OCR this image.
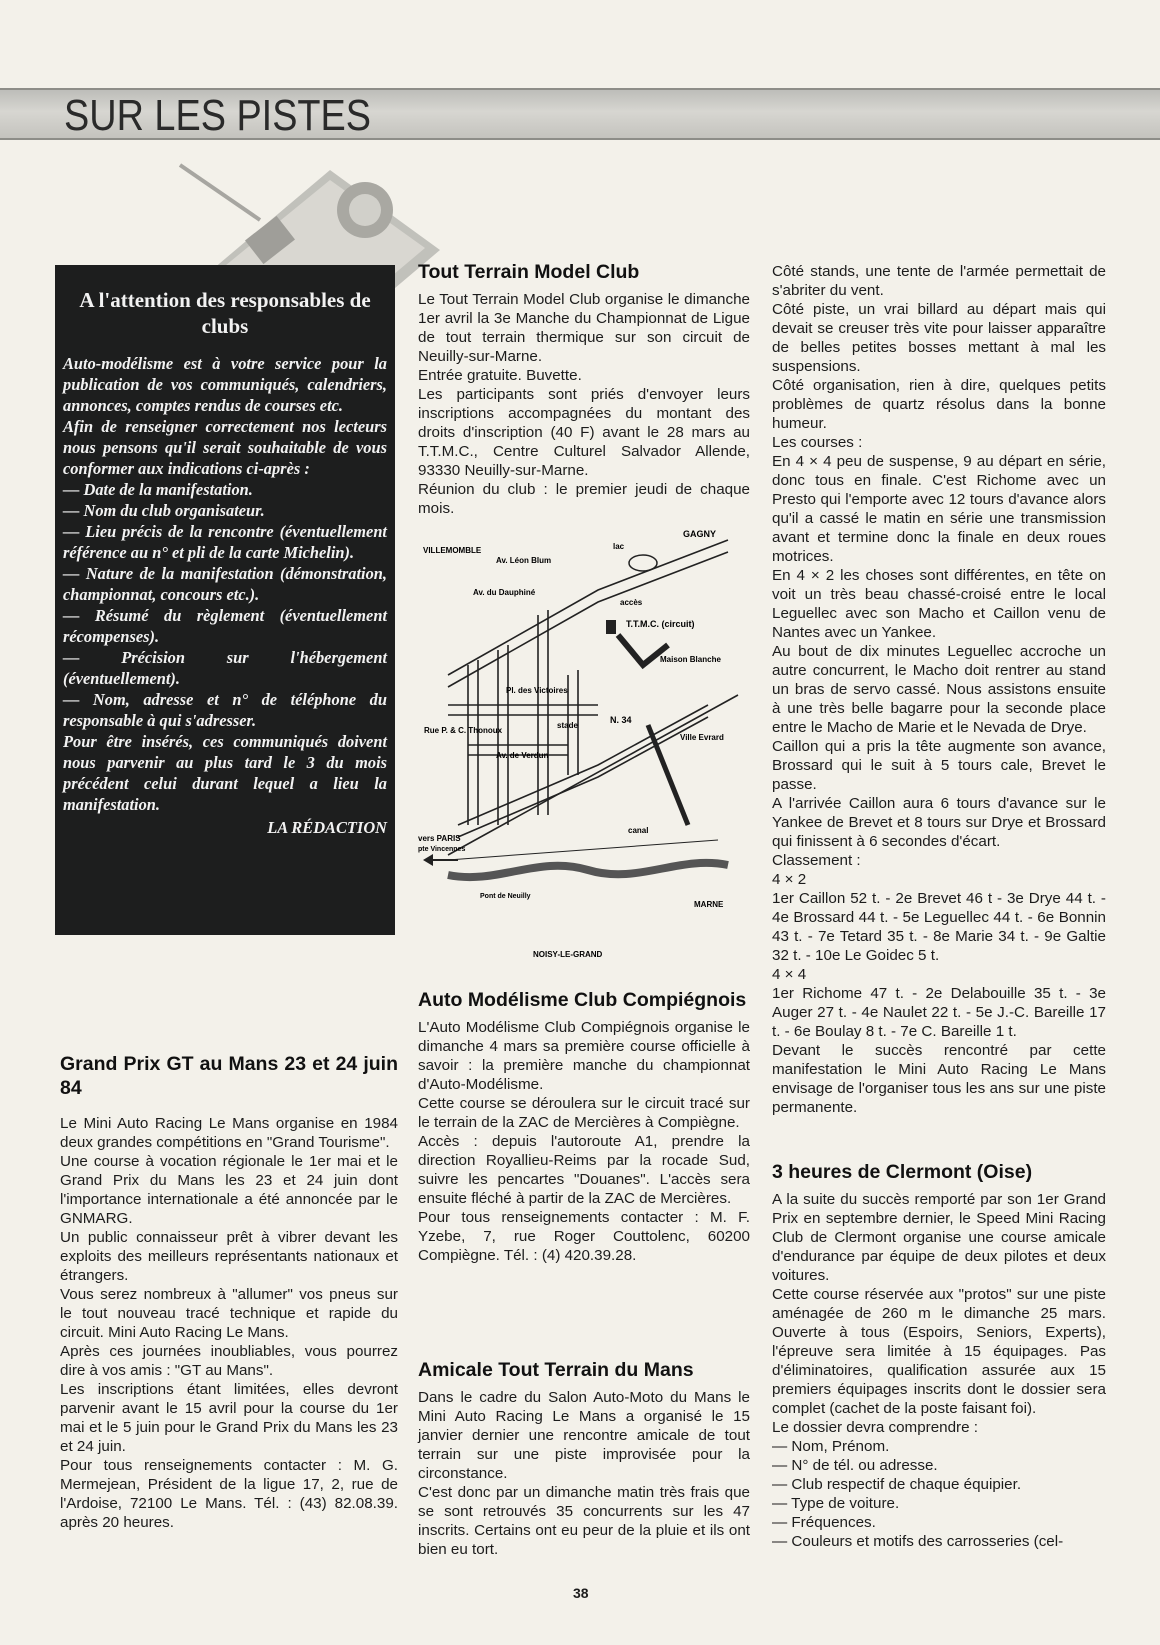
SUR LES PISTES
A l'attention des responsables de clubs
Auto-modélisme est à votre service pour la publication de vos communiqués, calendriers, annonces, comptes rendus de courses etc.
Afin de renseigner correctement nos lecteurs nous pensons qu'il serait souhaitable de vous conformer aux indications ci-après :
— Date de la manifestation.
— Nom du club organisateur.
— Lieu précis de la rencontre (éventuellement référence au n° et pli de la carte Michelin).
— Nature de la manifestation (démonstration, championnat, concours etc.).
— Résumé du règlement (éventuellement récompenses).
— Précision sur l'hébergement (éventuellement).
— Nom, adresse et n° de téléphone du responsable à qui s'adresser.
Pour être insérés, ces communiqués doivent nous parvenir au plus tard le 3 du mois précédent celui durant lequel a lieu la manifestation.
LA RÉDACTION
Grand Prix GT au Mans 23 et 24 juin 84

Le Mini Auto Racing Le Mans organise en 1984 deux grandes compétitions en "Grand Tourisme".

Une course à vocation régionale le 1er mai et le Grand Prix du Mans les 23 et 24 juin dont l'importance internationale a été annoncée par le GNMARG.

Un public connaisseur prêt à vibrer devant les exploits des meilleurs représentants nationaux et étrangers.

Vous serez nombreux à "allumer" vos pneus sur le tout nouveau tracé technique et rapide du circuit. Mini Auto Racing Le Mans.

Après ces journées inoubliables, vous pourrez dire à vos amis : "GT au Mans".

Les inscriptions étant limitées, elles devront parvenir avant le 15 avril pour la course du 1er mai et le 5 juin pour le Grand Prix du Mans les 23 et 24 juin.

Pour tous renseignements contacter : M. G. Mermejean, Président de la ligue 17, 2, rue de l'Ardoise, 72100 Le Mans. Tél. : (43) 82.08.39. après 20 heures.

Tout Terrain Model Club

Le Tout Terrain Model Club organise le dimanche 1er avril la 3e Manche du Championnat de Ligue de tout terrain thermique sur son circuit de Neuilly-sur-Marne.

Entrée gratuite. Buvette.

Les participants sont priés d'envoyer leurs inscriptions accompagnées du montant des droits d'inscription (40 F) avant le 28 mars au T.T.M.C., Centre Culturel Salvador Allende, 93330 Neuilly-sur-Marne.

Réunion du club : le premier jeudi de chaque mois.

GAGNY
VILLEMOMBLE	lac
Av. Léon Blum
Av. du Dauphiné
accès
T.T.M.C. (circuit)
Maison Blanche
Pl. des Victoires
N. 34
stade
Rue P. & C. Thonoux
Av. de Verdun
Ville Evrard
vers PARIS
pte Vincennes
canal
MARNE
Pont de Neuilly
NOISY-LE-GRAND
Auto Modélisme Club Compiégnois

L'Auto Modélisme Club Compiégnois organise le dimanche 4 mars sa première course officielle à savoir : la première manche du championnat d'Auto-Modélisme.

Cette course se déroulera sur le circuit tracé sur le terrain de la ZAC de Mercières à Compiègne.

Accès : depuis l'autoroute A1, prendre la direction Royallieu-Reims par la rocade Sud, suivre les pencartes "Douanes". L'accès sera ensuite fléché à partir de la ZAC de Mercières.

Pour tous renseignements contacter : M. F. Yzebe, 7, rue Roger Couttolenc, 60200 Compiègne. Tél. : (4) 420.39.28.

Amicale Tout Terrain du Mans

Dans le cadre du Salon Auto-Moto du Mans le Mini Auto Racing Le Mans a organisé le 15 janvier dernier une rencontre amicale de tout terrain sur une piste improvisée pour la circonstance.

C'est donc par un dimanche matin très frais que se sont retrouvés 35 concurrents sur les 47 inscrits. Certains ont eu peur de la pluie et ils ont bien eu tort.

Côté stands, une tente de l'armée permettait de s'abriter du vent.

Côté piste, un vrai billard au départ mais qui devait se creuser très vite pour laisser apparaître de belles petites bosses mettant à mal les suspensions.

Côté organisation, rien à dire, quelques petits problèmes de quartz résolus dans la bonne humeur.

Les courses :

En 4 × 4 peu de suspense, 9 au départ en série, donc tous en finale. C'est Richome avec un Presto qui l'emporte avec 12 tours d'avance alors qu'il a cassé le matin en série une transmission avant et termine donc la finale en deux roues motrices.

En 4 × 2 les choses sont différentes, en tête on voit un très beau chassé-croisé entre le local Leguellec avec son Macho et Caillon venu de Nantes avec un Yankee.

Au bout de dix minutes Leguellec accroche un autre concurrent, le Macho doit rentrer au stand un bras de servo cassé. Nous assistons ensuite à une très belle bagarre pour la seconde place entre le Macho de Marie et le Nevada de Drye.

Caillon qui a pris la tête augmente son avance, Brossard qui le suit à 5 tours cale, Brevet le passe.

A l'arrivée Caillon aura 6 tours d'avance sur le Yankee de Brevet et 8 tours sur Drye et Brossard qui finissent à 6 secondes d'écart.

Classement :

4 × 2

1er Caillon 52 t. - 2e Brevet 46 t - 3e Drye 44 t. - 4e Brossard 44 t. - 5e Leguellec 44 t. - 6e Bonnin 43 t. - 7e Tetard 35 t. - 8e Marie 34 t. - 9e Galtie 32 t. - 10e Le Goidec 5 t.

4 × 4

1er Richome 47 t. - 2e Delabouille 35 t. - 3e Auger 27 t. - 4e Naulet 22 t. - 5e J.-C. Bareille 17 t. - 6e Boulay 8 t. - 7e C. Bareille 1 t.

Devant le succès rencontré par cette manifestation le Mini Auto Racing Le Mans envisage de l'organiser tous les ans sur une piste permanente.

3 heures de Clermont (Oise)

A la suite du succès remporté par son 1er Grand Prix en septembre dernier, le Speed Mini Racing Club de Clermont organise une course amicale d'endurance par équipe de deux pilotes et deux voitures.

Cette course réservée aux "protos" sur une piste aménagée de 260 m le dimanche 25 mars. Ouverte à tous (Espoirs, Seniors, Experts), l'épreuve sera limitée à 15 équipages. Pas d'éliminatoires, qualification assurée aux 15 premiers équipages inscrits dont le dossier sera complet (cachet de la poste faisant foi).

Le dossier devra comprendre :

— Nom, Prénom.

— N° de tél. ou adresse.

— Club respectif de chaque équipier.

— Type de voiture.

— Fréquences.

— Couleurs et motifs des carrosseries (cel-

38
